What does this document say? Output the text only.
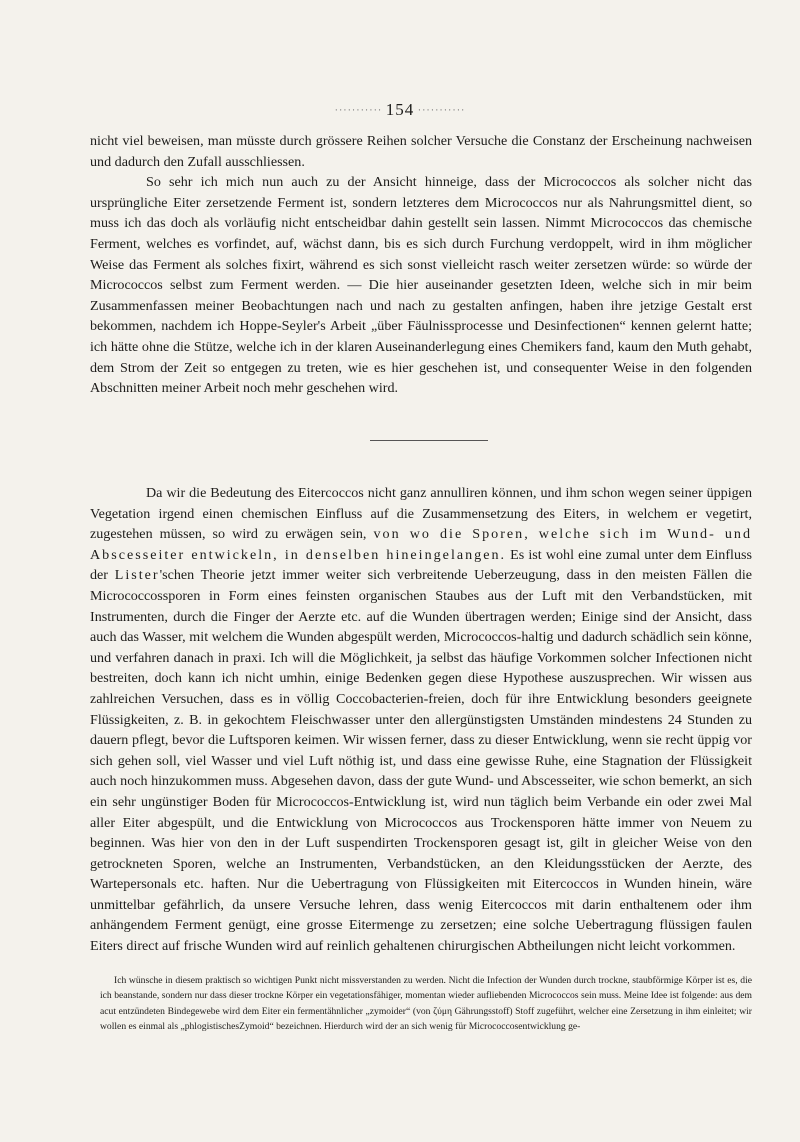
··········· 154 ···········

nicht viel beweisen, man müsste durch grössere Reihen solcher Versuche die Constanz der Erscheinung nachweisen und dadurch den Zufall ausschliessen.

So sehr ich mich nun auch zu der Ansicht hinneige, dass der Micrococcos als solcher nicht das ursprüngliche Eiter zersetzende Ferment ist, sondern letzteres dem Micrococcos nur als Nahrungsmittel dient, so muss ich das doch als vorläufig nicht entscheidbar dahin gestellt sein lassen. Nimmt Micrococcos das chemische Ferment, welches es vorfindet, auf, wächst dann, bis es sich durch Furchung verdoppelt, wird in ihm möglicher Weise das Ferment als solches fixirt, während es sich sonst vielleicht rasch weiter zersetzen würde: so würde der Micrococcos selbst zum Ferment werden. — Die hier auseinander gesetzten Ideen, welche sich in mir beim Zusammenfassen meiner Beobachtungen nach und nach zu gestalten anfingen, haben ihre jetzige Gestalt erst bekommen, nachdem ich Hoppe-Seyler's Arbeit „über Fäulnissprocesse und Desinfectionen“ kennen gelernt hatte; ich hätte ohne die Stütze, welche ich in der klaren Auseinanderlegung eines Chemikers fand, kaum den Muth gehabt, dem Strom der Zeit so entgegen zu treten, wie es hier geschehen ist, und consequenter Weise in den folgenden Abschnitten meiner Arbeit noch mehr geschehen wird.

Da wir die Bedeutung des Eitercoccos nicht ganz annulliren können, und ihm schon wegen seiner üppigen Vegetation irgend einen chemischen Einfluss auf die Zusammensetzung des Eiters, in welchem er vegetirt, zugestehen müssen, so wird zu erwägen sein, von wo die Sporen, welche sich im Wund- und Abscesseiter entwickeln, in denselben hineingelangen. Es ist wohl eine zumal unter dem Einfluss der Lister'schen Theorie jetzt immer weiter sich verbreitende Ueberzeugung, dass in den meisten Fällen die Micrococcossporen in Form eines feinsten organischen Staubes aus der Luft mit den Verbandstücken, mit Instrumenten, durch die Finger der Aerzte etc. auf die Wunden übertragen werden; Einige sind der Ansicht, dass auch das Wasser, mit welchem die Wunden abgespült werden, Micrococcos-haltig und dadurch schädlich sein könne, und verfahren danach in praxi. Ich will die Möglichkeit, ja selbst das häufige Vorkommen solcher Infectionen nicht bestreiten, doch kann ich nicht umhin, einige Bedenken gegen diese Hypothese auszusprechen. Wir wissen aus zahlreichen Versuchen, dass es in völlig Coccobacterien-freien, doch für ihre Entwicklung besonders geeignete Flüssigkeiten, z. B. in gekochtem Fleischwasser unter den allergünstigsten Umständen mindestens 24 Stunden zu dauern pflegt, bevor die Luftsporen keimen. Wir wissen ferner, dass zu dieser Entwicklung, wenn sie recht üppig vor sich gehen soll, viel Wasser und viel Luft nöthig ist, und dass eine gewisse Ruhe, eine Stagnation der Flüssigkeit auch noch hinzukommen muss. Abgesehen davon, dass der gute Wund- und Abscesseiter, wie schon bemerkt, an sich ein sehr ungünstiger Boden für Micrococcos-Entwicklung ist, wird nun täglich beim Verbande ein oder zwei Mal aller Eiter abgespült, und die Entwicklung von Micrococcos aus Trockensporen hätte immer von Neuem zu beginnen. Was hier von den in der Luft suspendirten Trockensporen gesagt ist, gilt in gleicher Weise von den getrockneten Sporen, welche an Instrumenten, Verbandstücken, an den Kleidungsstücken der Aerzte, des Wartepersonals etc. haften. Nur die Uebertragung von Flüssigkeiten mit Eitercoccos in Wunden hinein, wäre unmittelbar gefährlich, da unsere Versuche lehren, dass wenig Eitercoccos mit darin enthaltenem oder ihm anhängendem Ferment genügt, eine grosse Eitermenge zu zersetzen; eine solche Uebertragung flüssigen faulen Eiters direct auf frische Wunden wird auf reinlich gehaltenen chirurgischen Abtheilungen nicht leicht vorkommen.

Ich wünsche in diesem praktisch so wichtigen Punkt nicht missverstanden zu werden. Nicht die Infection der Wunden durch trockne, staubförmige Körper ist es, die ich beanstande, sondern nur dass dieser trockne Körper ein vegetationsfähiger, momentan wieder aufliebenden Micrococcos sein muss. Meine Idee ist folgende: aus dem acut entzündeten Bindegewebe wird dem Eiter ein fermentähnlicher „zymoider“ (von ζύμη Gährungsstoff) Stoff zugeführt, welcher eine Zersetzung in ihm einleitet; wir wollen es einmal als „phlogistischesZymoid“ bezeichnen. Hierdurch wird der an sich wenig für Micrococcosentwicklung ge-
